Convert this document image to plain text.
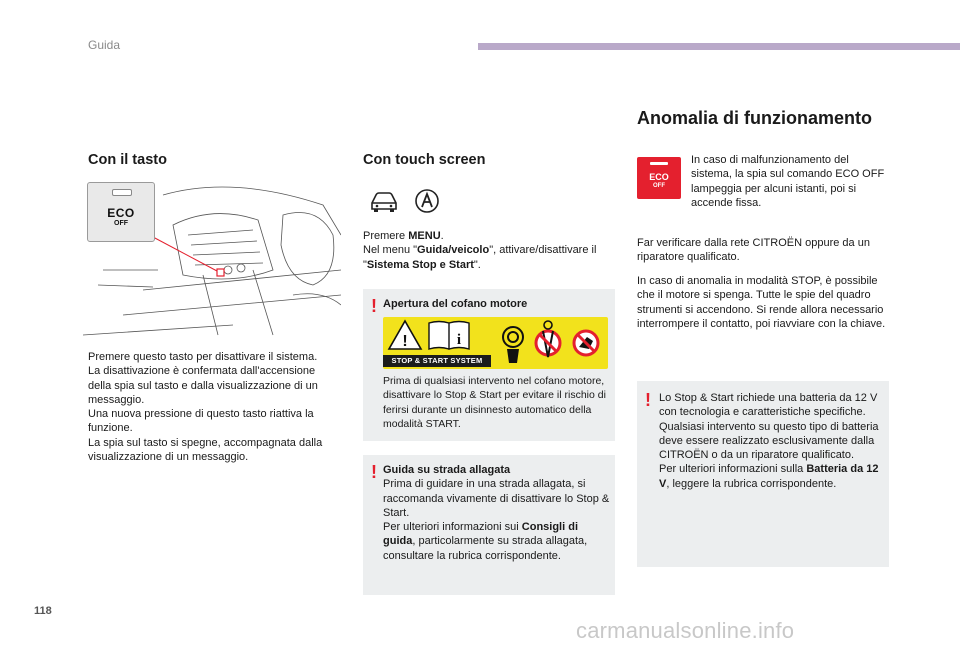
Guida
Con il tasto
ECO
OFF
Premere questo tasto per disattivare il sistema.
La disattivazione è confermata dall'accensione della spia sul tasto e dalla visualizzazione di un messaggio.
Una nuova pressione di questo tasto riattiva la funzione.
La spia sul tasto si spegne, accompagnata dalla visualizzazione di un messaggio.
Con touch screen
Premere MENU.
Nel menu "Guida/veicolo", attivare/disattivare il "Sistema Stop e Start".
! Apertura del cofano motore
!	i
STOP & START SYSTEM
Prima di qualsiasi intervento nel cofano motore, disattivare lo Stop & Start per evitare il rischio di ferirsi durante un disinnesto automatico della modalità START.
! Guida su strada allagata
Prima di guidare in una strada allagata, si raccomanda vivamente di disattivare lo Stop & Start.
Per ulteriori informazioni sui Consigli di guida, particolarmente su strada allagata, consultare la rubrica corrispondente.
Anomalia di funzionamento
ECO
OFF
In caso di malfunzionamento del sistema, la spia sul comando ECO OFF lampeggia per alcuni istanti, poi si accende fissa.
Far verificare dalla rete CITROËN oppure da un riparatore qualificato.
In caso di anomalia in modalità STOP, è possibile che il motore si spenga. Tutte le spie del quadro strumenti si accendono. Si rende allora necessario interrompere il contatto, poi riavviare con la chiave.
! Lo Stop & Start richiede una batteria da 12 V con tecnologia e caratteristiche specifiche.
Qualsiasi intervento su questo tipo di batteria deve essere realizzato esclusivamente dalla CITROËN o da un riparatore qualificato.
Per ulteriori informazioni sulla Batteria da 12 V, leggere la rubrica corrispondente.
118
carmanualsonline.info
